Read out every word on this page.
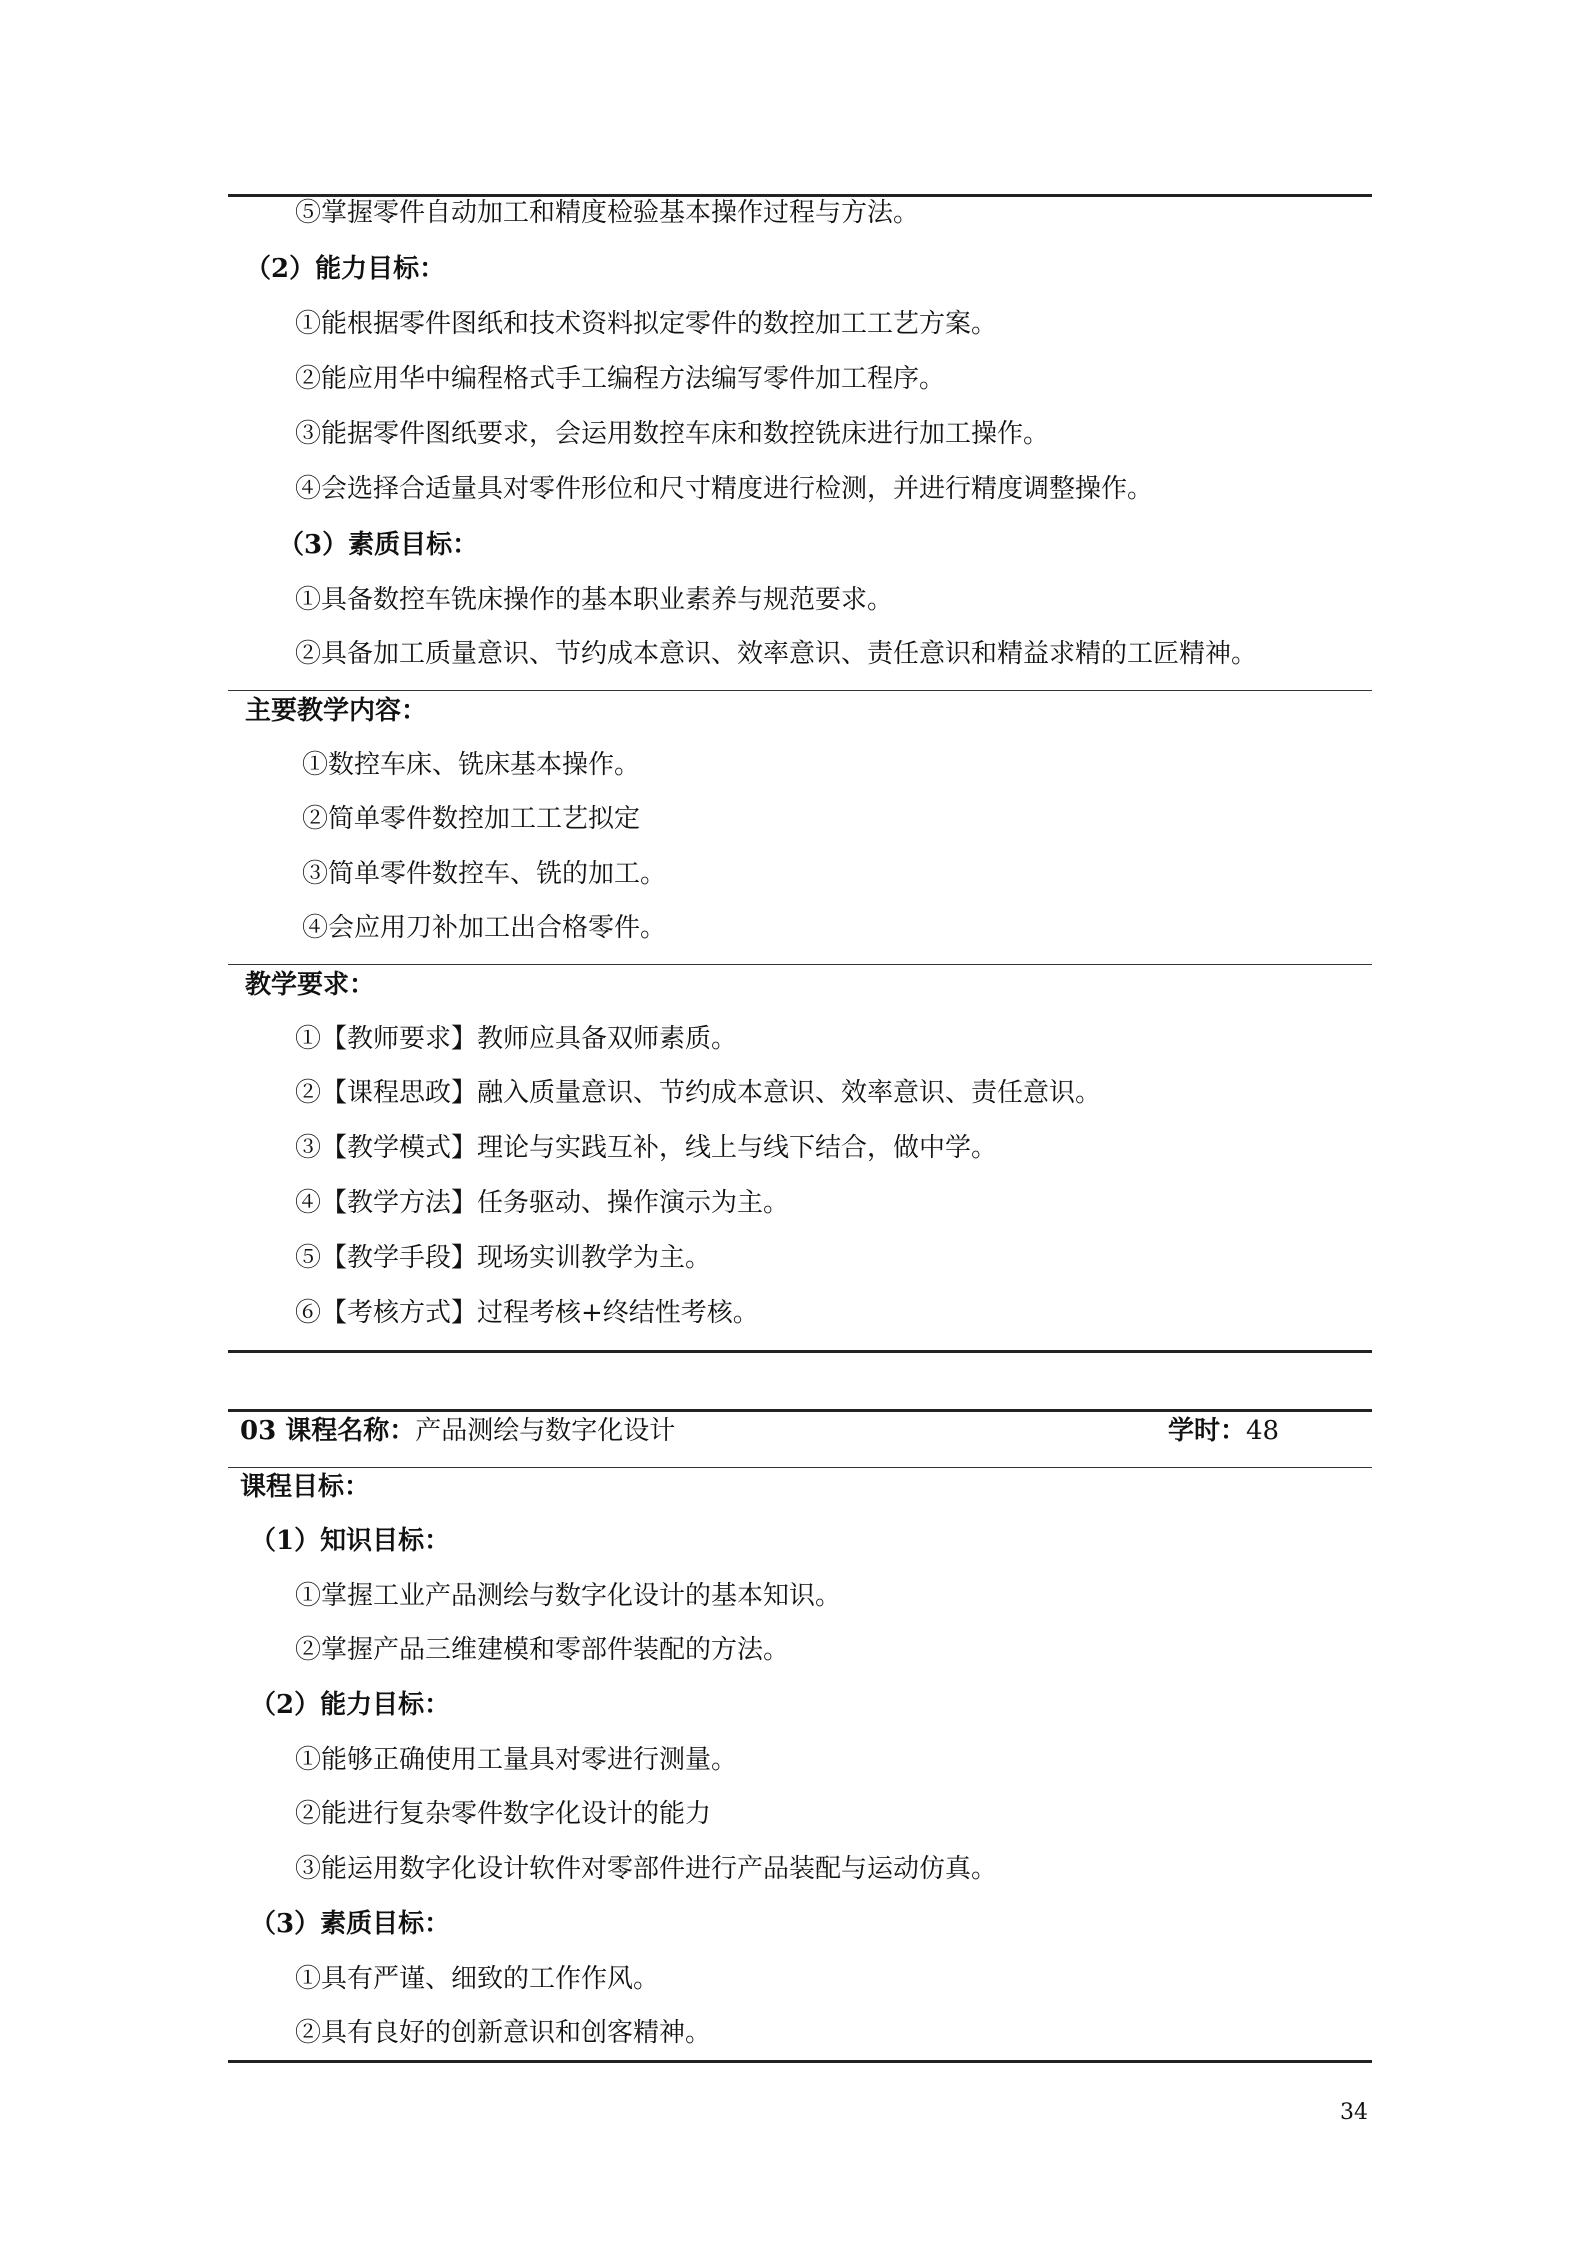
⑤掌握零件自动加工和精度检验基本操作过程与方法。
（2）能力目标：
①能根据零件图纸和技术资料拟定零件的数控加工工艺方案。
②能应用华中编程格式手工编程方法编写零件加工程序。
③能据零件图纸要求，会运用数控车床和数控铣床进行加工操作。
④会选择合适量具对零件形位和尺寸精度进行检测，并进行精度调整操作。
（3）素质目标：
①具备数控车铣床操作的基本职业素养与规范要求。
②具备加工质量意识、节约成本意识、效率意识、责任意识和精益求精的工匠精神。
主要教学内容：
①数控车床、铣床基本操作。
②简单零件数控加工工艺拟定
③简单零件数控车、铣的加工。
④会应用刀补加工出合格零件。
教学要求：
①【教师要求】教师应具备双师素质。
②【课程思政】融入质量意识、节约成本意识、效率意识、责任意识。
③【教学模式】理论与实践互补，线上与线下结合，做中学。
④【教学方法】任务驱动、操作演示为主。
⑤【教学手段】现场实训教学为主。
⑥【考核方式】过程考核+终结性考核。
03 课程名称：产品测绘与数字化设计	学时：48
课程目标：
（1）知识目标：
①掌握工业产品测绘与数字化设计的基本知识。
②掌握产品三维建模和零部件装配的方法。
（2）能力目标：
①能够正确使用工量具对零进行测量。
②能进行复杂零件数字化设计的能力
③能运用数字化设计软件对零部件进行产品装配与运动仿真。
（3）素质目标：
①具有严谨、细致的工作作风。
②具有良好的创新意识和创客精神。
34
